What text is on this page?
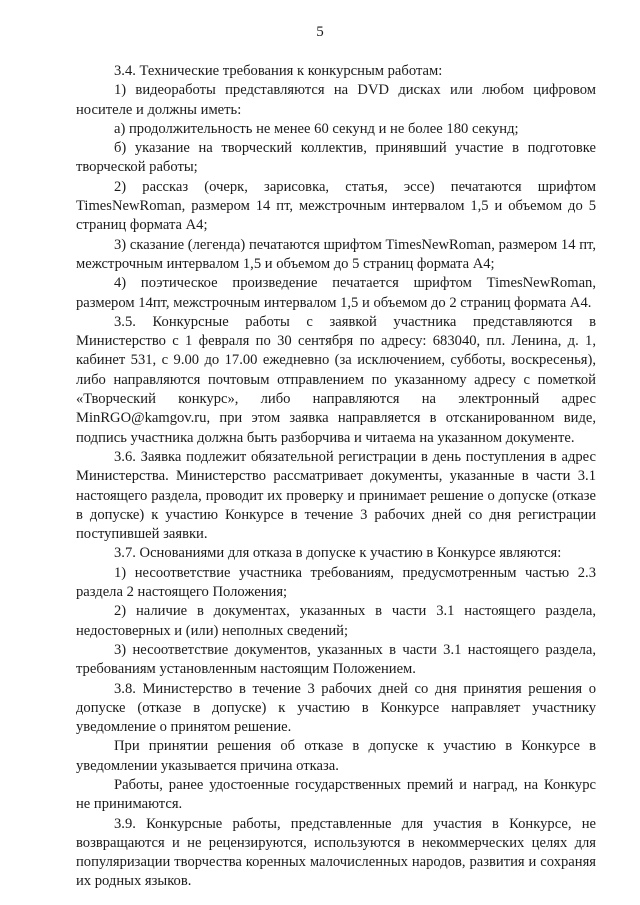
5

3.4. Технические требования к конкурсным работам:

1) видеоработы представляются на DVD дисках или любом цифровом носителе и должны иметь:

а) продолжительность не менее 60 секунд и не более 180 секунд;

б) указание на творческий коллектив, принявший участие в подготовке творческой работы;

2) рассказ (очерк, зарисовка, статья, эссе) печатаются шрифтом TimesNewRoman, размером 14 пт, межстрочным интервалом 1,5 и объемом до 5 страниц формата А4;

3) сказание (легенда) печатаются шрифтом TimesNewRoman, размером 14 пт, межстрочным интервалом 1,5 и объемом до 5 страниц формата А4;

4) поэтическое произведение печатается шрифтом TimesNewRoman, размером 14пт, межстрочным интервалом 1,5 и объемом до 2 страниц формата А4.

3.5. Конкурсные работы с заявкой участника представляются в Министерство с 1 февраля по 30 сентября по адресу: 683040, пл. Ленина, д. 1, кабинет 531, с 9.00 до 17.00 ежедневно (за исключением, субботы, воскресенья), либо направляются почтовым отправлением по указанному адресу с пометкой «Творческий конкурс», либо направляются на электронный адрес MinRGO@kamgov.ru, при этом заявка направляется в отсканированном виде, подпись участника должна быть разборчива и читаема на указанном документе.

3.6. Заявка подлежит обязательной регистрации в день поступления в адрес Министерства. Министерство рассматривает документы, указанные в части 3.1 настоящего раздела, проводит их проверку и принимает решение о допуске (отказе в допуске) к участию Конкурсе в течение 3 рабочих дней со дня регистрации поступившей заявки.

3.7. Основаниями для отказа в допуске к участию в Конкурсе являются:

1) несоответствие участника требованиям, предусмотренным частью 2.3 раздела 2 настоящего Положения;

2) наличие в документах, указанных в части 3.1 настоящего раздела, недостоверных и (или) неполных сведений;

3) несоответствие документов, указанных в части 3.1 настоящего раздела, требованиям установленным настоящим Положением.

3.8. Министерство в течение 3 рабочих дней со дня принятия решения о допуске (отказе в допуске) к участию в Конкурсе направляет участнику уведомление о принятом решение.

При принятии решения об отказе в допуске к участию в Конкурсе в уведомлении указывается причина отказа.

Работы, ранее удостоенные государственных премий и наград, на Конкурс не принимаются.

3.9. Конкурсные работы, представленные для участия в Конкурсе, не возвращаются и не рецензируются, используются в некоммерческих целях для популяризации творчества коренных малочисленных народов, развития и сохраняя их родных языков.
